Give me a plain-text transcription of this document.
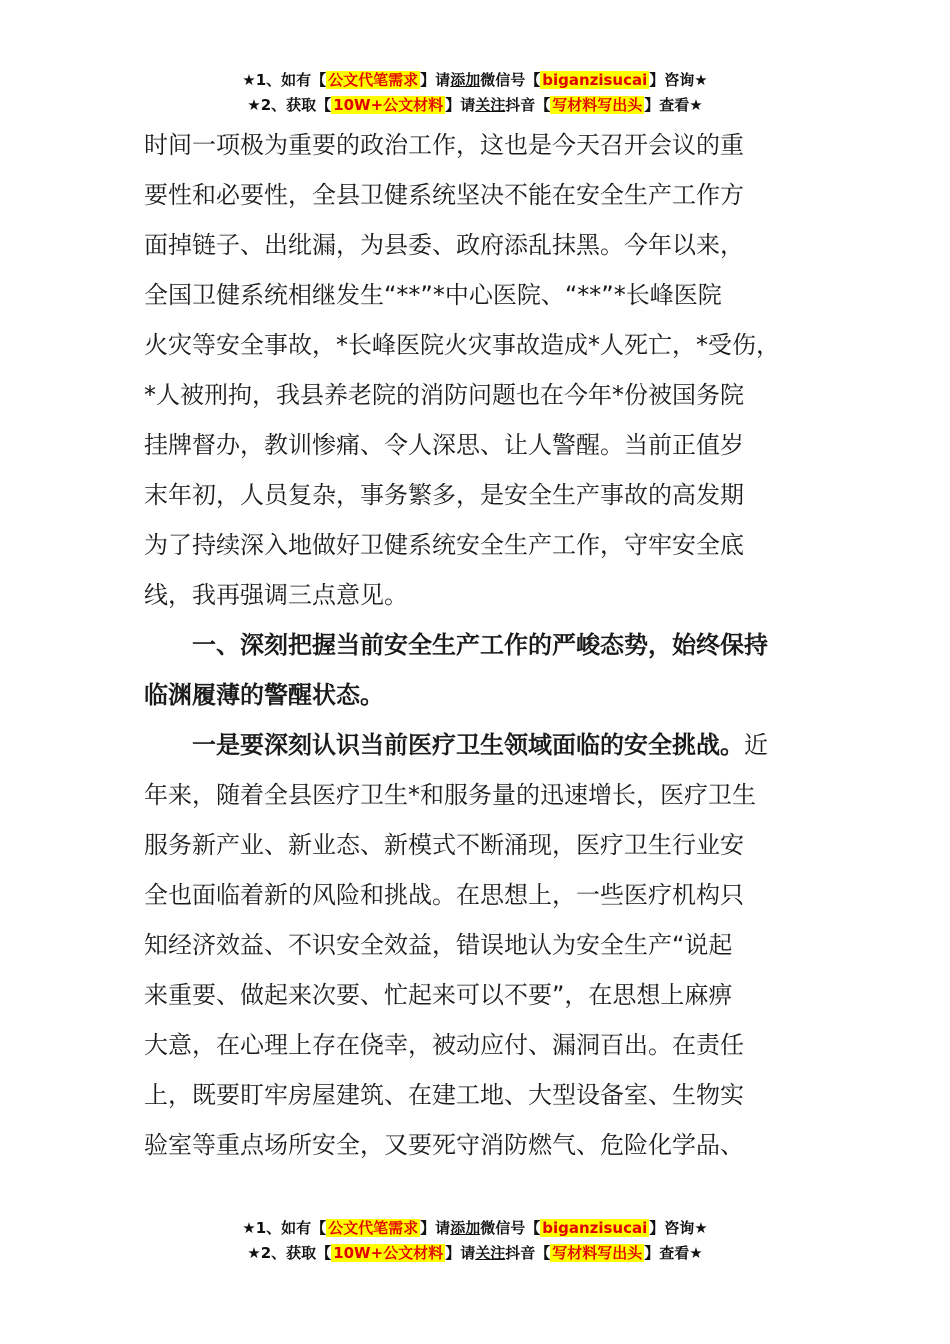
★1、如有【 公文代笔需求 】请添加微信号【 biganzisucai 】咨询★
★2、获取【 10W+公文材料 】请关注抖音【 写材料写出头 】查看★

时间一项极为重要的政治工作，这也是今天召开会议的重
要性和必要性，全县卫健系统坚决不能在安全生产工作方
面掉链子、出纰漏，为县委、政府添乱抹黑。今年以来，
全国卫健系统相继发生“**”*中心医院、“**”*长峰医院
火灾等安全事故，*长峰医院火灾事故造成*人死亡，*受伤，
*人被刑拘，我县养老院的消防问题也在今年*份被国务院
挂牌督办，教训惨痛、令人深思、让人警醒。当前正值岁
末年初，人员复杂，事务繁多，是安全生产事故的高发期
为了持续深入地做好卫健系统安全生产工作，守牢安全底
线，我再强调三点意见。

　　一、深刻把握当前安全生产工作的严峻态势，始终保持
临渊履薄的警醒状态。

　　一是要深刻认识当前医疗卫生领域面临的安全挑战。近
年来，随着全县医疗卫生*和服务量的迅速增长，医疗卫生
服务新产业、新业态、新模式不断涌现，医疗卫生行业安
全也面临着新的风险和挑战。在思想上，一些医疗机构只
知经济效益、不识安全效益，错误地认为安全生产“说起
来重要、做起来次要、忙起来可以不要”，在思想上麻痹
大意，在心理上存在侥幸，被动应付、漏洞百出。在责任
上，既要盯牢房屋建筑、在建工地、大型设备室、生物实
验室等重点场所安全，又要死守消防燃气、危险化学品、

★1、如有【 公文代笔需求 】请添加微信号【 biganzisucai 】咨询★
★2、获取【 10W+公文材料 】请关注抖音【 写材料写出头 】查看★
